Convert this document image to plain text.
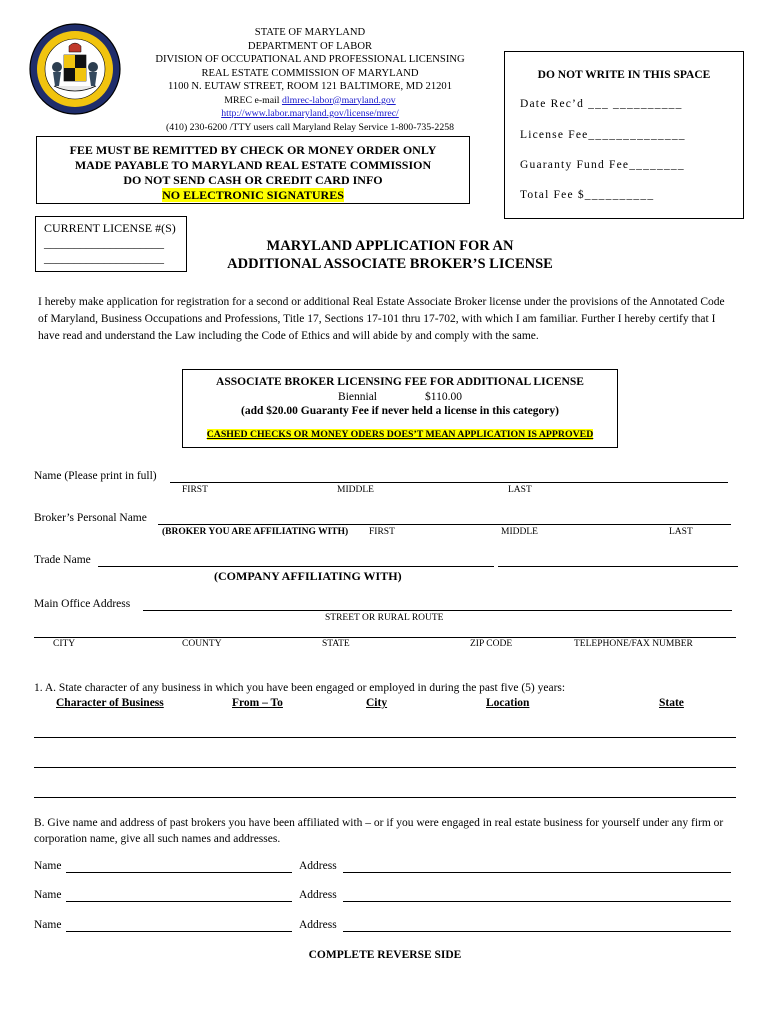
STATE OF MARYLAND
DEPARTMENT OF LABOR
DIVISION OF OCCUPATIONAL AND PROFESSIONAL LICENSING
REAL ESTATE COMMISSION OF MARYLAND
1100 N. EUTAW STREET, ROOM 121 BALTIMORE, MD 21201
MREC e-mail dlmrec-labor@maryland.gov
http://www.labor.maryland.gov/license/mrec/
(410) 230-6200 /TTY users call Maryland Relay Service 1-800-735-2258
FEE MUST BE REMITTED BY CHECK OR MONEY ORDER ONLY
MADE PAYABLE TO MARYLAND REAL ESTATE COMMISSION
DO NOT SEND CASH OR CREDIT CARD INFO
NO ELECTRONIC SIGNATURES
DO NOT WRITE IN THIS SPACE
Date Rec’d ___ __________
License Fee______________
Guaranty Fund Fee________
Total Fee $__________
CURRENT LICENSE #(S)
____________________
____________________
MARYLAND APPLICATION FOR AN
ADDITIONAL ASSOCIATE BROKER’S LICENSE
I hereby make application for registration for a second or additional Real Estate Associate Broker license under the provisions of the Annotated Code of Maryland, Business Occupations and Professions, Title 17, Sections 17-101 thru 17-702, with which I am familiar. Further I hereby certify that I have read and understand the Law including the Code of Ethics and will abide by and comply with the same.
ASSOCIATE BROKER LICENSING FEE FOR ADDITIONAL LICENSE
Biennial	$110.00
(add $20.00 Guaranty Fee if never held a license in this category)
CASHED CHECKS OR MONEY ODERS DOES’T MEAN APPLICATION IS APPROVED
Name (Please print in full)
FIRST	MIDDLE	LAST
Broker’s Personal Name
(BROKER YOU ARE AFFILIATING WITH) FIRST	MIDDLE	LAST
Trade Name
(COMPANY AFFILIATING WITH)
Main Office Address
STREET OR RURAL ROUTE
CITY	COUNTY	STATE	ZIP CODE	TELEPHONE/FAX NUMBER
1. A. State character of any business in which you have been engaged or employed in during the past five (5) years:
Character of Business	From – To	City	Location	State
B. Give name and address of past brokers you have been affiliated with – or if you were engaged in real estate business for yourself under any firm or corporation name, give all such names and addresses.
Name	Address
Name	Address
Name	Address
COMPLETE REVERSE SIDE
